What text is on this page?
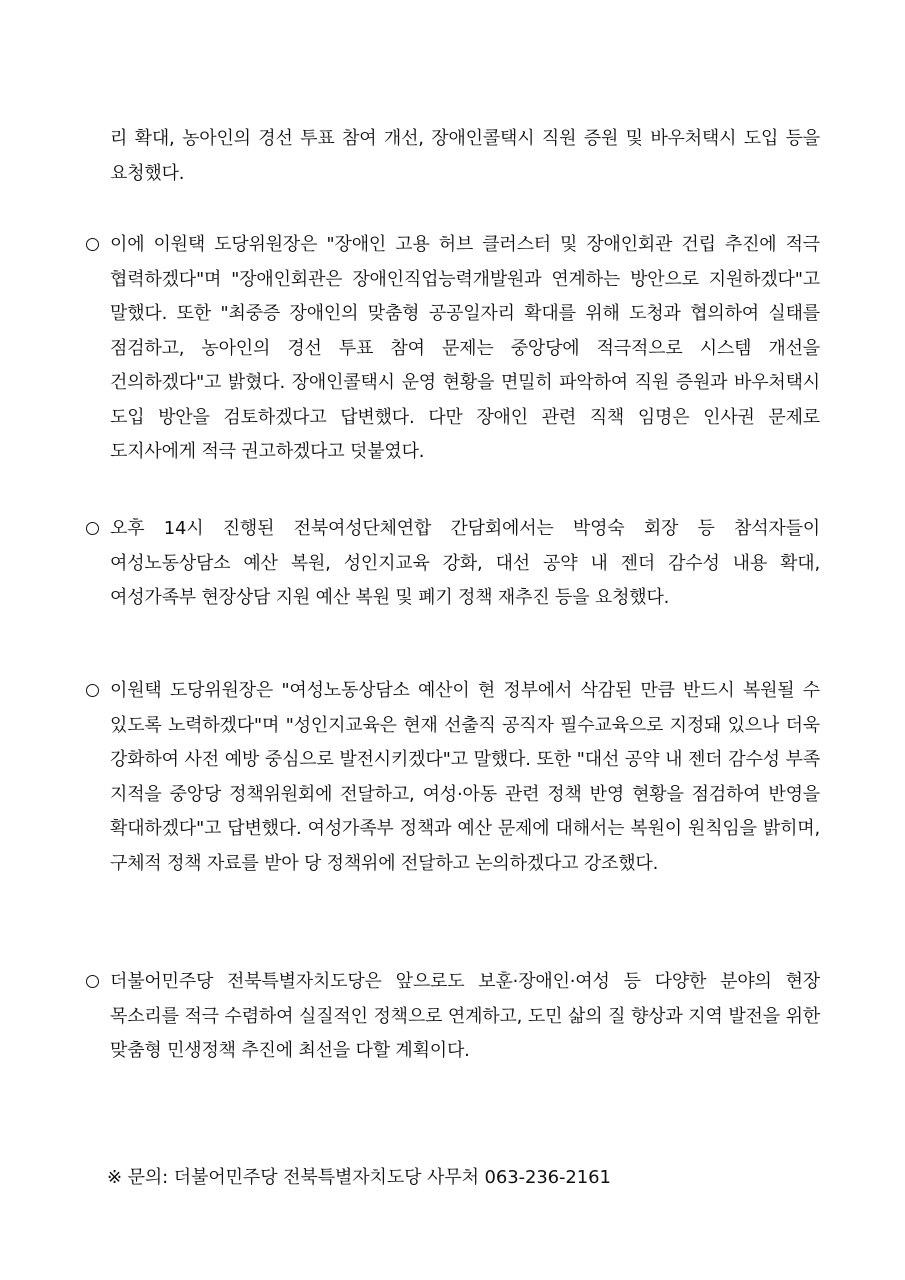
리 확대, 농아인의 경선 투표 참여 개선, 장애인콜택시 직원 증원 및 바우처택시 도입 등을 요청했다.
이에 이원택 도당위원장은 "장애인 고용 허브 클러스터 및 장애인회관 건립 추진에 적극 협력하겠다"며 "장애인회관은 장애인직업능력개발원과 연계하는 방안으로 지원하겠다"고 말했다. 또한 "최중증 장애인의 맞춤형 공공일자리 확대를 위해 도청과 협의하여 실태를 점검하고, 농아인의 경선 투표 참여 문제는 중앙당에 적극적으로 시스템 개선을 건의하겠다"고 밝혔다. 장애인콜택시 운영 현황을 면밀히 파악하여 직원 증원과 바우처택시 도입 방안을 검토하겠다고 답변했다. 다만 장애인 관련 직책 임명은 인사권 문제로 도지사에게 적극 권고하겠다고 덧붙였다.
오후 14시 진행된 전북여성단체연합 간담회에서는 박영숙 회장 등 참석자들이 여성노동상담소 예산 복원, 성인지교육 강화, 대선 공약 내 젠더 감수성 내용 확대, 여성가족부 현장상담 지원 예산 복원 및 폐기 정책 재추진 등을 요청했다.
이원택 도당위원장은 "여성노동상담소 예산이 현 정부에서 삭감된 만큼 반드시 복원될 수 있도록 노력하겠다"며 "성인지교육은 현재 선출직 공직자 필수교육으로 지정돼 있으나 더욱 강화하여 사전 예방 중심으로 발전시키겠다"고 말했다. 또한 "대선 공약 내 젠더 감수성 부족 지적을 중앙당 정책위원회에 전달하고, 여성·아동 관련 정책 반영 현황을 점검하여 반영을 확대하겠다"고 답변했다. 여성가족부 정책과 예산 문제에 대해서는 복원이 원칙임을 밝히며, 구체적 정책 자료를 받아 당 정책위에 전달하고 논의하겠다고 강조했다.
더불어민주당 전북특별자치도당은 앞으로도 보훈·장애인·여성 등 다양한 분야의 현장 목소리를 적극 수렴하여 실질적인 정책으로 연계하고, 도민 삶의 질 향상과 지역 발전을 위한 맞춤형 민생정책 추진에 최선을 다할 계획이다.
※ 문의: 더불어민주당 전북특별자치도당 사무처 063-236-2161
